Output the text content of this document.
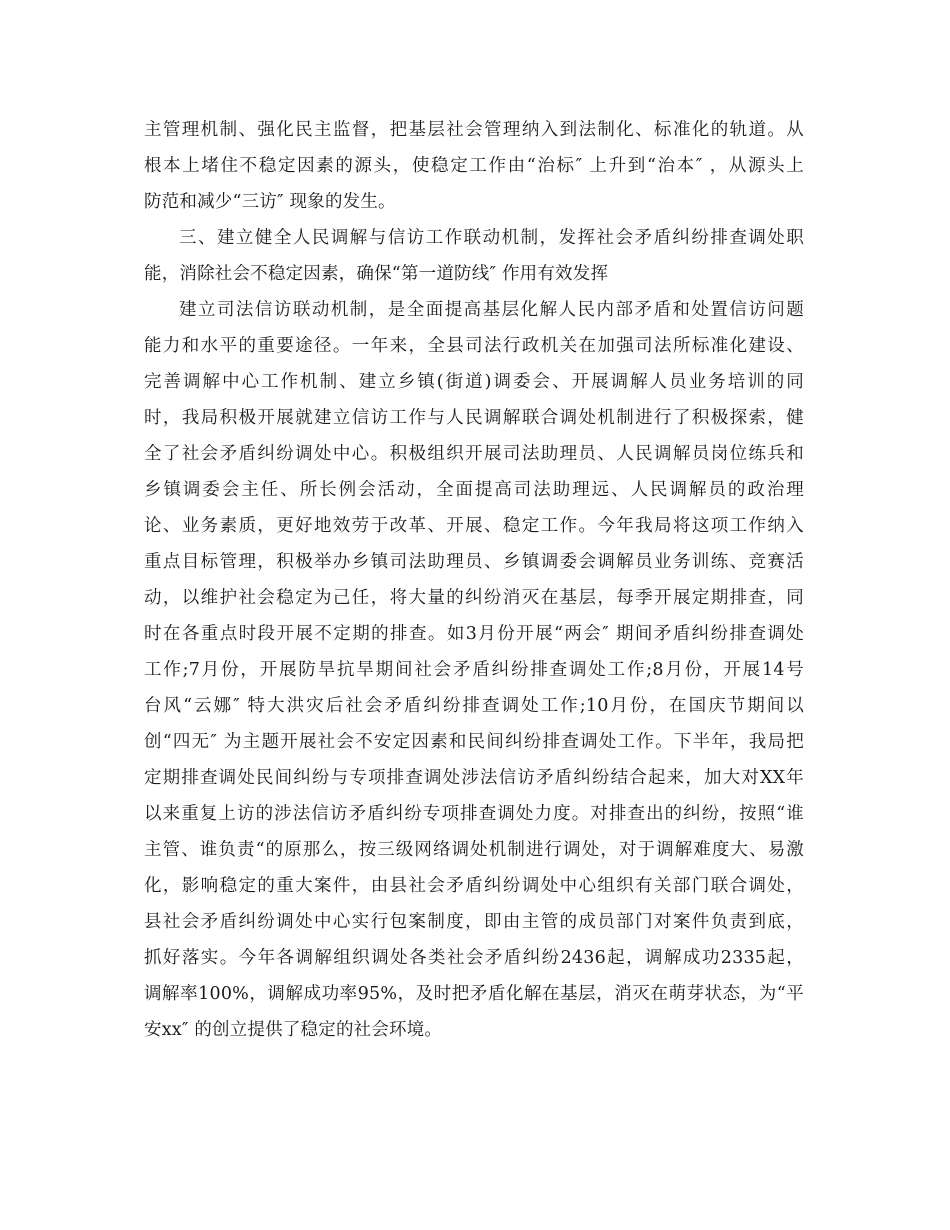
主管理机制、强化民主监督，把基层社会管理纳入到法制化、标准化的轨道。从
根本上堵住不稳定因素的源头，使稳定工作由“治标″ 上升到“治本″ ，从源头上
防范和减少“三访″ 现象的发生。
三、建立健全人民调解与信访工作联动机制，发挥社会矛盾纠纷排查调处职
能，消除社会不稳定因素，确保“第一道防线″ 作用有效发挥
建立司法信访联动机制，是全面提高基层化解人民内部矛盾和处置信访问题
能力和水平的重要途径。一年来，全县司法行政机关在加强司法所标准化建设、
完善调解中心工作机制、建立乡镇(街道)调委会、开展调解人员业务培训的同
时，我局积极开展就建立信访工作与人民调解联合调处机制进行了积极探索，健
全了社会矛盾纠纷调处中心。积极组织开展司法助理员、人民调解员岗位练兵和
乡镇调委会主任、所长例会活动，全面提高司法助理远、人民调解员的政治理
论、业务素质，更好地效劳于改革、开展、稳定工作。今年我局将这项工作纳入
重点目标管理，积极举办乡镇司法助理员、乡镇调委会调解员业务训练、竞赛活
动，以维护社会稳定为己任，将大量的纠纷消灭在基层，每季开展定期排查，同
时在各重点时段开展不定期的排查。如3月份开展“两会″ 期间矛盾纠纷排查调处
工作;7月份，开展防旱抗旱期间社会矛盾纠纷排查调处工作;8月份，开展14号
台风“云娜″ 特大洪灾后社会矛盾纠纷排查调处工作;10月份，在国庆节期间以
创“四无″ 为主题开展社会不安定因素和民间纠纷排查调处工作。下半年，我局把
定期排查调处民间纠纷与专项排查调处涉法信访矛盾纠纷结合起来，加大对XX年
以来重复上访的涉法信访矛盾纠纷专项排查调处力度。对排查出的纠纷，按照“谁
主管、谁负责“的原那么，按三级网络调处机制进行调处，对于调解难度大、易激
化，影响稳定的重大案件，由县社会矛盾纠纷调处中心组织有关部门联合调处，
县社会矛盾纠纷调处中心实行包案制度，即由主管的成员部门对案件负责到底，
抓好落实。今年各调解组织调处各类社会矛盾纠纷2436起，调解成功2335起，
调解率100%，调解成功率95%，及时把矛盾化解在基层，消灭在萌芽状态，为“平
安xx″ 的创立提供了稳定的社会环境。
